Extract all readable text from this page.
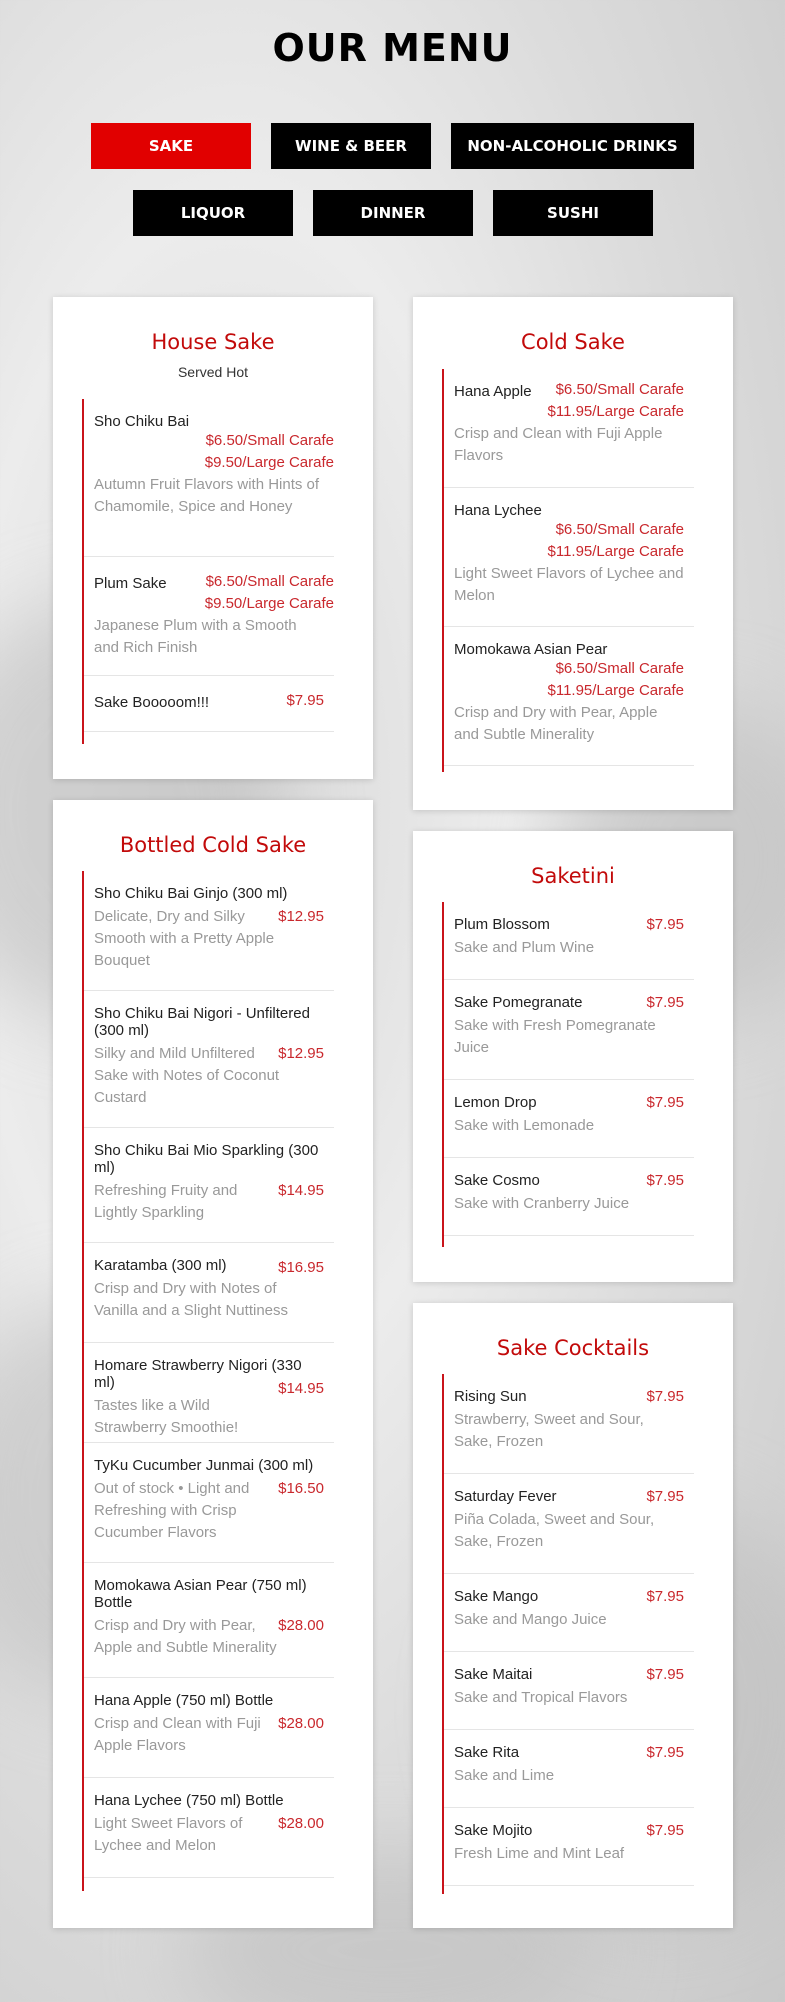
OUR MENU
SAKE	WINE & BEER	NON-ALCOHOLIC DRINKS
LIQUOR	DINNER	SUSHI
House Sake
Served Hot
Sho Chiku Bai
$6.50/Small Carafe
$9.50/Large Carafe
Autumn Fruit Flavors with Hints of Chamomile, Spice and Honey
Plum Sake	$6.50/Small Carafe
$9.50/Large Carafe
Japanese Plum with a Smooth and Rich Finish
Sake Booooom!!!	$7.95
Bottled Cold Sake
Sho Chiku Bai Ginjo (300 ml)
Delicate, Dry and Silky Smooth with a Pretty Apple Bouquet
$12.95
Sho Chiku Bai Nigori - Unfiltered (300 ml)
Silky and Mild Unfiltered Sake with Notes of Coconut Custard
$12.95
Sho Chiku Bai Mio Sparkling (300 ml)
Refreshing Fruity and Lightly Sparkling
$14.95
Karatamba (300 ml)
Crisp and Dry with Notes of Vanilla and a Slight Nuttiness
$16.95
Homare Strawberry Nigori (330 ml)
Tastes like a Wild Strawberry Smoothie!
$14.95
TyKu Cucumber Junmai (300 ml)
Out of stock • Light and Refreshing with Crisp Cucumber Flavors
$16.50
Momokawa Asian Pear (750 ml) Bottle
Crisp and Dry with Pear, Apple and Subtle Minerality
$28.00
Hana Apple (750 ml) Bottle
Crisp and Clean with Fuji Apple Flavors
$28.00
Hana Lychee (750 ml) Bottle
Light Sweet Flavors of Lychee and Melon
$28.00
Cold Sake
Hana Apple	$6.50/Small Carafe
$11.95/Large Carafe
Crisp and Clean with Fuji Apple Flavors
Hana Lychee
$6.50/Small Carafe
$11.95/Large Carafe
Light Sweet Flavors of Lychee and Melon
Momokawa Asian Pear
$6.50/Small Carafe
$11.95/Large Carafe
Crisp and Dry with Pear, Apple and Subtle Minerality
Saketini
Plum Blossom
Sake and Plum Wine
$7.95
Sake Pomegranate
Sake with Fresh Pomegranate Juice
$7.95
Lemon Drop
Sake with Lemonade
$7.95
Sake Cosmo
Sake with Cranberry Juice
$7.95
Sake Cocktails
Rising Sun
Strawberry, Sweet and Sour, Sake, Frozen
$7.95
Saturday Fever
Piña Colada, Sweet and Sour, Sake, Frozen
$7.95
Sake Mango
Sake and Mango Juice
$7.95
Sake Maitai
Sake and Tropical Flavors
$7.95
Sake Rita
Sake and Lime
$7.95
Sake Mojito
Fresh Lime and Mint Leaf
$7.95
